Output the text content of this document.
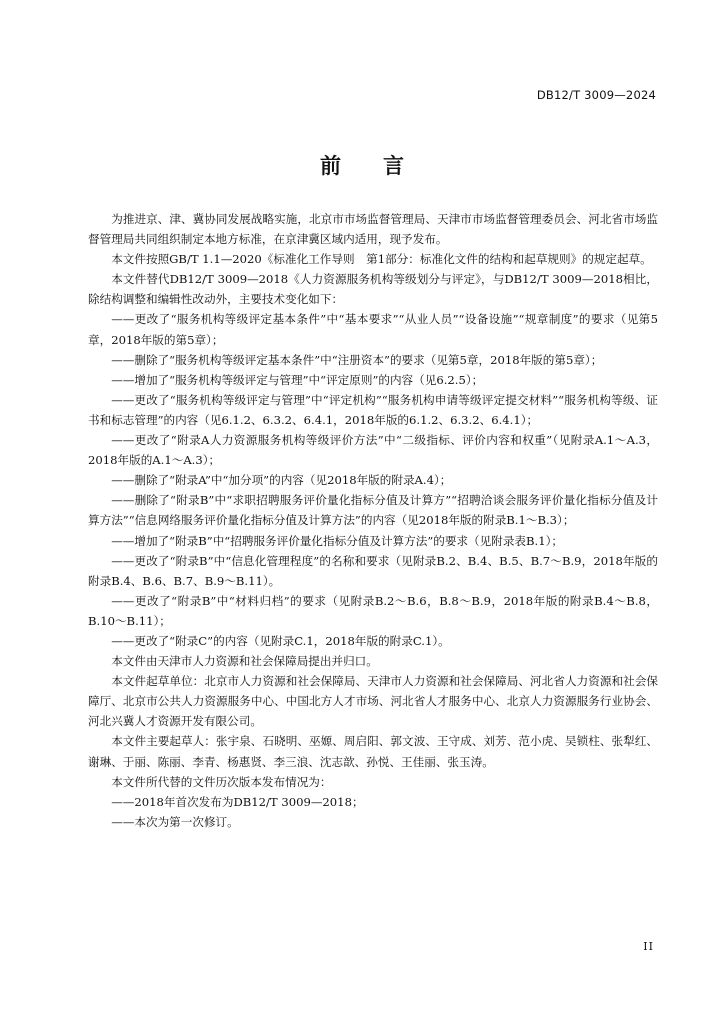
DB12/T 3009—2024
前言

为推进京、津、冀协同发展战略实施，北京市市场监督管理局、天津市市场监督管理委员会、河北省市场监督管理局共同组织制定本地方标准，在京津冀区域内适用，现予发布。

本文件按照GB/T 1.1—2020《标准化工作导则　第1部分：标准化文件的结构和起草规则》的规定起草。

本文件替代DB12/T 3009—2018《人力资源服务机构等级划分与评定》，与DB12/T 3009—2018相比，除结构调整和编辑性改动外，主要技术变化如下：

——更改了“服务机构等级评定基本条件”中“基本要求”“从业人员”“设备设施”“规章制度”的要求（见第5章，2018年版的第5章）；

——删除了“服务机构等级评定基本条件”中“注册资本”的要求（见第5章，2018年版的第5章）；

——增加了“服务机构等级评定与管理”中“评定原则”的内容（见6.2.5）；

——更改了“服务机构等级评定与管理”中“评定机构”“服务机构申请等级评定提交材料”“服务机构等级、证书和标志管理”的内容（见6.1.2、6.3.2、6.4.1，2018年版的6.1.2、6.3.2、6.4.1）；

——更改了“附录A人力资源服务机构等级评价方法”中“二级指标、评价内容和权重”（见附录A.1～A.3，2018年版的A.1～A.3）；

——删除了“附录A”中“加分项”的内容（见2018年版的附录A.4）；

——删除了“附录B”中“求职招聘服务评价量化指标分值及计算方”“招聘洽谈会服务评价量化指标分值及计算方法”“信息网络服务评价量化指标分值及计算方法”的内容（见2018年版的附录B.1～B.3）；

——增加了“附录B”中“招聘服务评价量化指标分值及计算方法”的要求（见附录表B.1）；

——更改了“附录B”中“信息化管理程度”的名称和要求（见附录B.2、B.4、B.5、B.7～B.9，2018年版的附录B.4、B.6、B.7、B.9～B.11）。

——更改了“附录B”中“材料归档”的要求（见附录B.2～B.6，B.8～B.9，2018年版的附录B.4～B.8，B.10～B.11）；

——更改了“附录C”的内容（见附录C.1，2018年版的附录C.1）。

本文件由天津市人力资源和社会保障局提出并归口。

本文件起草单位：北京市人力资源和社会保障局、天津市人力资源和社会保障局、河北省人力资源和社会保障厅、北京市公共人力资源服务中心、中国北方人才市场、河北省人才服务中心、北京人力资源服务行业协会、河北兴冀人才资源开发有限公司。

本文件主要起草人：张宇泉、石晓明、巫嫄、周启阳、郭文波、王守成、刘芳、范小虎、吴锁柱、张犁红、谢琳、于丽、陈丽、李青、杨惠贤、李三浪、沈志歆、孙悦、王佳丽、张玉涛。

本文件所代替的文件历次版本发布情况为：

——2018年首次发布为DB12/T 3009—2018；

——本次为第一次修订。

II
